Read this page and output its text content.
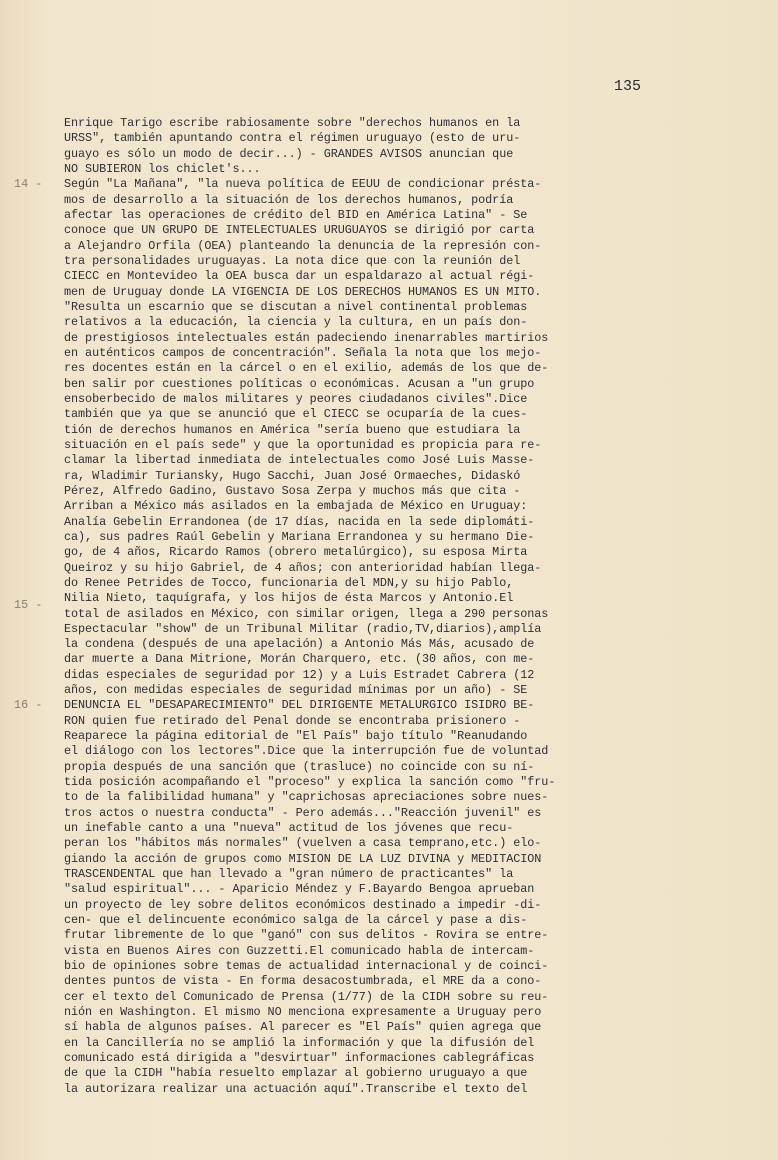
135
14 -
15 -
16 -
Enrique Tarigo escribe rabiosamente sobre "derechos humanos en la
URSS", también apuntando contra el régimen uruguayo (esto de uru-
guayo es sólo un modo de decir...) - GRANDES AVISOS anuncian que
NO SUBIERON los chiclet's...
Según "La Mañana", "la nueva política de EEUU de condicionar présta-
mos de desarrollo a la situación de los derechos humanos, podría
afectar las operaciones de crédito del BID en América Latina" - Se
conoce que UN GRUPO DE INTELECTUALES URUGUAYOS se dirigió por carta
a Alejandro Orfila (OEA) planteando la denuncia de la represión con-
tra personalidades uruguayas. La nota dice que con la reunión del
CIECC en Montevideo la OEA busca dar un espaldarazo al actual régi-
men de Uruguay donde LA VIGENCIA DE LOS DERECHOS HUMANOS ES UN MITO.
"Resulta un escarnio que se discutan a nivel continental problemas
relativos a la educación, la ciencia y la cultura, en un país don-
de prestigiosos intelectuales están padeciendo inenarrables martirios
en auténticos campos de concentración". Señala la nota que los mejo-
res docentes están en la cárcel o en el exilio, además de los que de-
ben salir por cuestiones políticas o económicas. Acusan a "un grupo
ensoberbecido de malos militares y peores ciudadanos civiles".Dice
también que ya que se anunció que el CIECC se ocuparía de la cues-
tión de derechos humanos en América "sería bueno que estudiara la
situación en el país sede" y que la oportunidad es propicia para re-
clamar la libertad inmediata de intelectuales como José Luis Masse-
ra, Wladimir Turiansky, Hugo Sacchi, Juan José Ormaeches, Didaskó
Pérez, Alfredo Gadino, Gustavo Sosa Zerpa y muchos más que cita -
Arriban a México más asilados en la embajada de México en Uruguay:
Analía Gebelin Errandonea (de 17 días, nacida en la sede diplomáti-
ca), sus padres Raúl Gebelin y Mariana Errandonea y su hermano Die-
go, de 4 años, Ricardo Ramos (obrero metalúrgico), su esposa Mirta
Queiroz y su hijo Gabriel, de 4 años; con anterioridad habían llega-
do Renee Petrides de Tocco, funcionaria del MDN,y su hijo Pablo,
Nilia Nieto, taquígrafa, y los hijos de ésta Marcos y Antonio.El
total de asilados en México, con similar origen, llega a 290 personas
Espectacular "show" de un Tribunal Militar (radio,TV,diarios),amplía
la condena (después de una apelación) a Antonio Más Más, acusado de
dar muerte a Dana Mitrione, Morán Charquero, etc. (30 años, con me-
didas especiales de seguridad por 12) y a Luis Estradet Cabrera (12
años, con medidas especiales de seguridad mínimas por un año) - SE
DENUNCIA EL "DESAPARECIMIENTO" DEL DIRIGENTE METALURGICO ISIDRO BE-
RON quien fue retirado del Penal donde se encontraba prisionero -
Reaparece la página editorial de "El País" bajo título "Reanudando
el diálogo con los lectores".Dice que la interrupción fue de voluntad
propia después de una sanción que (trasluce) no coincide con su ní-
tida posición acompañando el "proceso" y explica la sanción como "fru-
to de la falibilidad humana" y "caprichosas apreciaciones sobre nues-
tros actos o nuestra conducta" - Pero además..."Reacción juvenil" es
un inefable canto a una "nueva" actitud de los jóvenes que recu-
peran los "hábitos más normales" (vuelven a casa temprano,etc.) elo-
giando la acción de grupos como MISION DE LA LUZ DIVINA y MEDITACION
TRASCENDENTAL que han llevado a "gran número de practicantes" la
"salud espiritual"... - Aparicio Méndez y F.Bayardo Bengoa aprueban
un proyecto de ley sobre delitos económicos destinado a impedir -di-
cen- que el delincuente económico salga de la cárcel y pase a dis-
frutar libremente de lo que "ganó" con sus delitos - Rovira se entre-
vista en Buenos Aires con Guzzetti.El comunicado habla de intercam-
bio de opiniones sobre temas de actualidad internacional y de coinci-
dentes puntos de vista - En forma desacostumbrada, el MRE da a cono-
cer el texto del Comunicado de Prensa (1/77) de la CIDH sobre su reu-
nión en Washington. El mismo NO menciona expresamente a Uruguay pero
sí habla de algunos países. Al parecer es "El País" quien agrega que
en la Cancillería no se amplió la información y que la difusión del
comunicado está dirigida a "desvirtuar" informaciones cablegráficas
de que la CIDH "había resuelto emplazar al gobierno uruguayo a que
la autorizara realizar una actuación aquí".Transcribe el texto del
